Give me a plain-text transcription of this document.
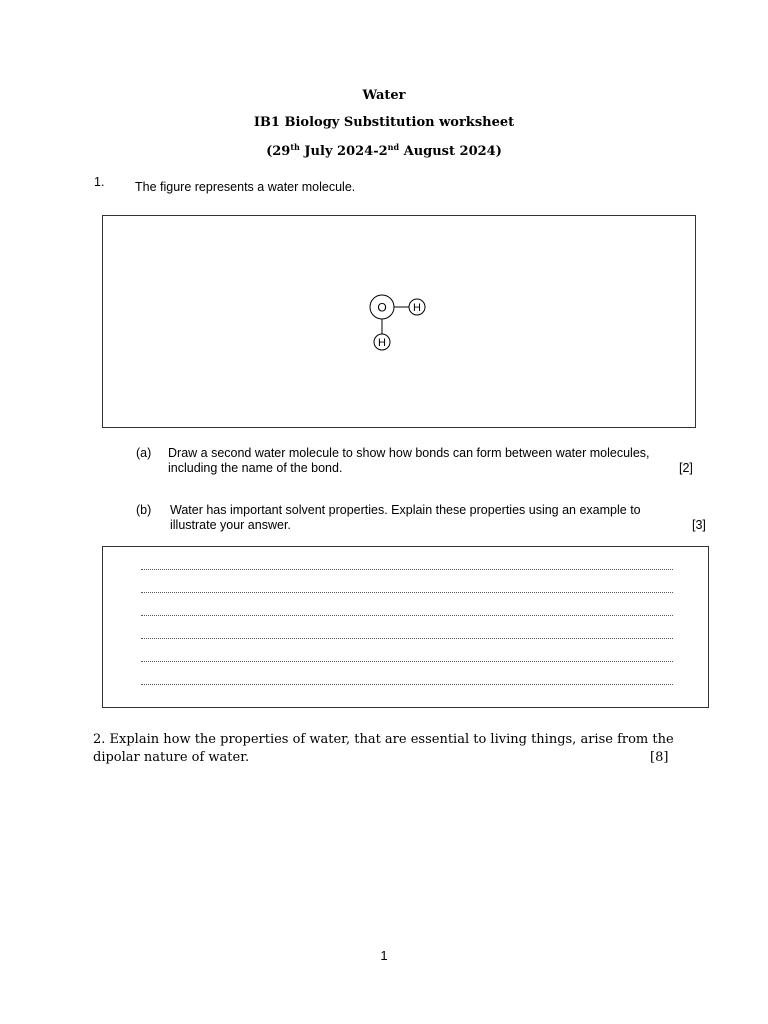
Water
IB1 Biology Substitution worksheet
(29th July 2024-2nd August 2024)
1. The figure represents a water molecule.
O H
H
(a) Draw a second water molecule to show how bonds can form between water molecules,
including the name of the bond.	[2]
(b) Water has important solvent properties. Explain these properties using an example to
illustrate your answer.	[3]
2. Explain how the properties of water, that are essential to living things, arise from the
dipolar nature of water.	[8]
1
